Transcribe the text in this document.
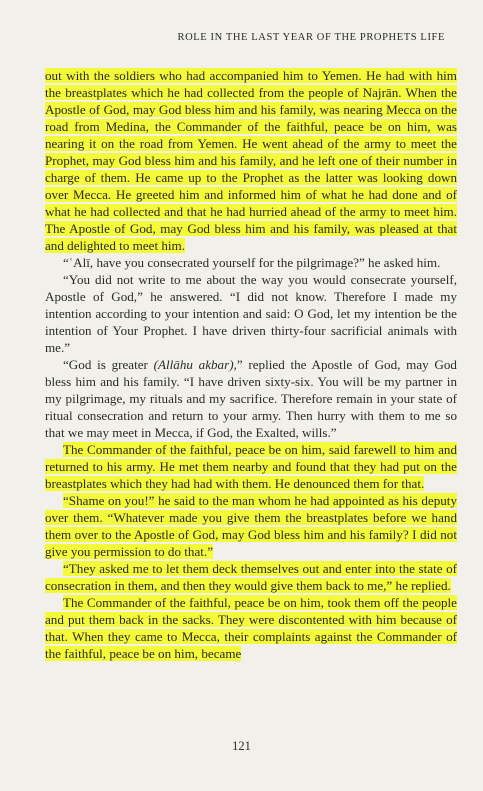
ROLE IN THE LAST YEAR OF THE PROPHETS LIFE

out with the soldiers who had accompanied him to Yemen. He had with him the breastplates which he had collected from the people of Najrān. When the Apostle of God, may God bless him and his family, was nearing Mecca on the road from Medina, the Commander of the faithful, peace be on him, was nearing it on the road from Yemen. He went ahead of the army to meet the Prophet, may God bless him and his family, and he left one of their number in charge of them. He came up to the Prophet as the latter was looking down over Mecca. He greeted him and informed him of what he had done and of what he had collected and that he had hurried ahead of the army to meet him. The Apostle of God, may God bless him and his family, was pleased at that and delighted to meet him.

“ʿAlī, have you consecrated yourself for the pilgrimage?” he asked him.

“You did not write to me about the way you would consecrate yourself, Apostle of God,” he answered. “I did not know. Therefore I made my intention according to your intention and said: O God, let my intention be the intention of Your Prophet. I have driven thirty-four sacrificial animals with me.”

“God is greater (Allāhu akbar),” replied the Apostle of God, may God bless him and his family. “I have driven sixty-six. You will be my partner in my pilgrimage, my rituals and my sacrifice. Therefore remain in your state of ritual consecration and return to your army. Then hurry with them to me so that we may meet in Mecca, if God, the Exalted, wills.”

The Commander of the faithful, peace be on him, said farewell to him and returned to his army. He met them nearby and found that they had put on the breastplates which they had had with them. He denounced them for that.

“Shame on you!” he said to the man whom he had appointed as his deputy over them. “Whatever made you give them the breastplates before we hand them over to the Apostle of God, may God bless him and his family? I did not give you permission to do that.”

“They asked me to let them deck themselves out and enter into the state of consecration in them, and then they would give them back to me,” he replied.

The Commander of the faithful, peace be on him, took them off the people and put them back in the sacks. They were discontented with him because of that. When they came to Mecca, their complaints against the Commander of the faithful, peace be on him, became

121
